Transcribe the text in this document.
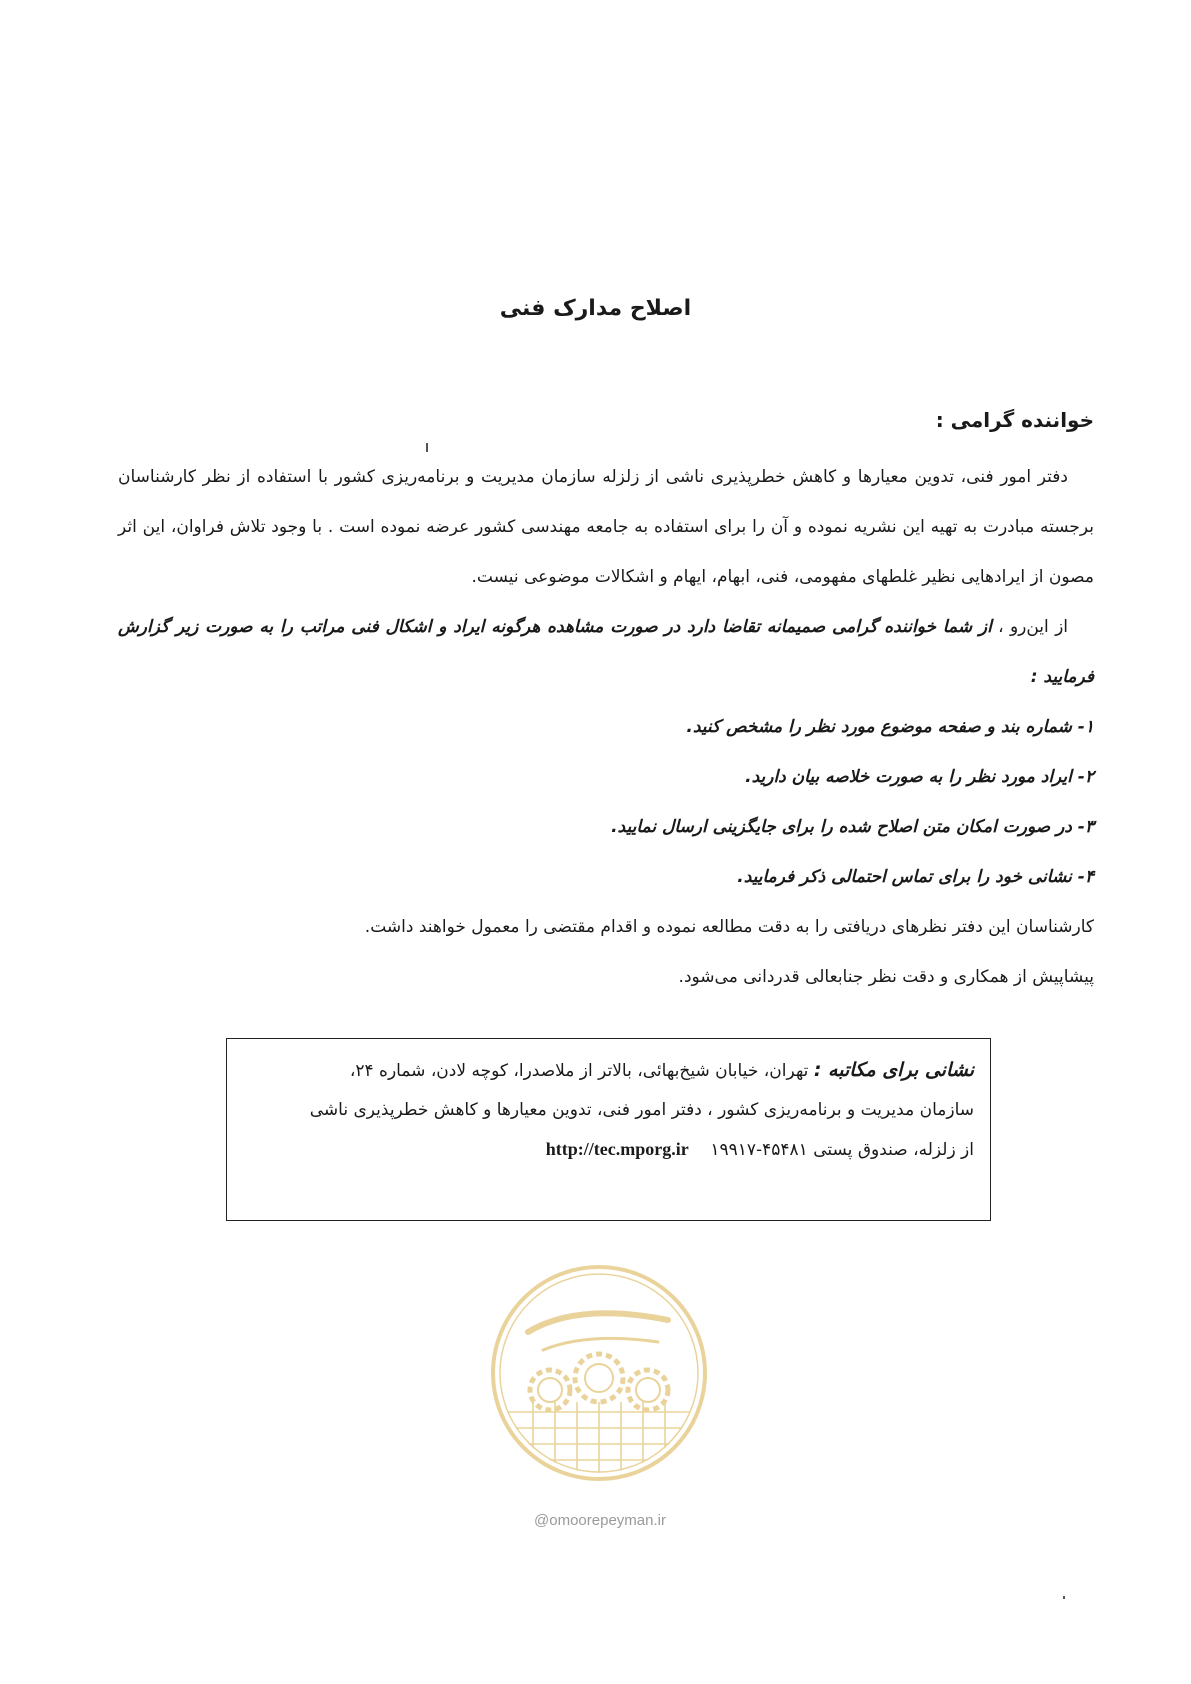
اصلاح مدارک فنی
خواننده گرامی :

دفتر امور فنی، تدوین معیارها و کاهش خطرپذیری ناشی از زلزله سازمان مدیریت و برنامه‌ریزی کشور با استفاده از نظر کارشناسان برجسته مبادرت به تهیه این نشریه نموده و آن را برای استفاده به جامعه مهندسی کشور عرضه نموده است . با وجود تلاش فراوان، این اثر مصون از ایرادهایی نظیر غلطهای مفهومی، فنی، ابهام، ایهام و اشکالات موضوعی نیست.

از این‌رو ، از شما خواننده گرامی صمیمانه تقاضا دارد در صورت مشاهده هرگونه ایراد و اشکال فنی مراتب را به صورت زیر گزارش فرمایید :

۱- شماره بند و صفحه موضوع مورد نظر را مشخص کنید.
۲- ایراد مورد نظر را به صورت خلاصه بیان دارید.
۳- در صورت امکان متن اصلاح شده را برای جایگزینی ارسال نمایید.
۴- نشانی خود را برای تماس احتمالی ذکر فرمایید.

کارشناسان این دفتر نظرهای دریافتی را به دقت مطالعه نموده و اقدام مقتضی را معمول خواهند داشت.

پیشاپیش از همکاری و دقت نظر جنابعالی قدردانی می‌شود.

نشانی برای مکاتبه : تهران، خیابان شیخ‌بهائی، بالاتر از ملاصدرا، کوچه لادن، شماره ۲۴،
سازمان مدیریت و برنامه‌ریزی کشور ، دفتر امور فنی، تدوین معیارها و کاهش خطرپذیری ناشی
از زلزله، صندوق پستی ۴۵۴۸۱-۱۹۹۱۷    http://tec.mporg.ir
@omoorepeyman.ir
